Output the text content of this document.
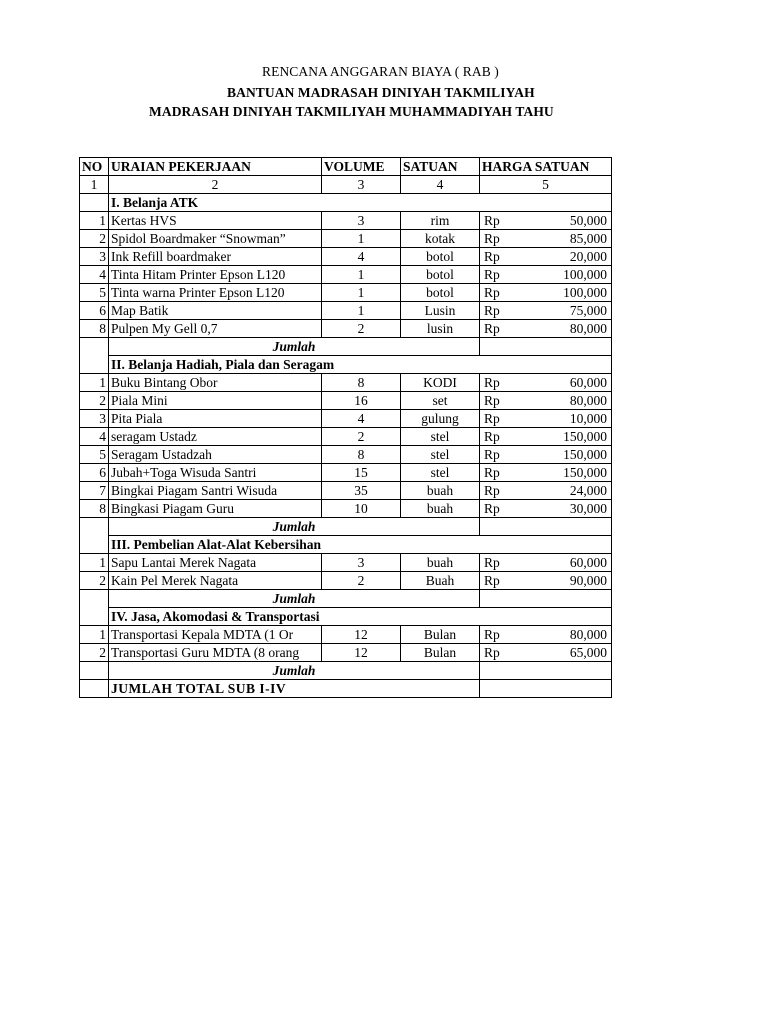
RENCANA ANGGARAN BIAYA ( RAB )
BANTUAN MADRASAH DINIYAH TAKMILIYAH
MADRASAH DINIYAH TAKMILIYAH MUHAMMADIYAH TAHU
NO	URAIAN PEKERJAAN	VOLUME	SATUAN	HARGA SATUAN	
1	2	3	4	5	
	I. Belanja ATK				
1	Kertas HVS	3	rim	Rp	50,000
2	Spidol Boardmaker “Snowman”	1	kotak	Rp	85,000
3	Ink Refill boardmaker	4	botol	Rp	20,000
4	Tinta Hitam Printer Epson L120	1	botol	Rp	100,000
5	Tinta warna Printer Epson L120	1	botol	Rp	100,000
6	Map Batik	1	Lusin	Rp	75,000
8	Pulpen My Gell 0,7	2	lusin	Rp	80,000
	Jumlah				
	II. Belanja Hadiah, Piala dan Seragam				
1	Buku Bintang Obor	8	KODI	Rp	60,000
2	Piala Mini	16	set	Rp	80,000
3	Pita Piala	4	gulung	Rp	10,000
4	seragam Ustadz	2	stel	Rp	150,000
5	Seragam Ustadzah	8	stel	Rp	150,000
6	Jubah+Toga Wisuda Santri	15	stel	Rp	150,000
7	Bingkai Piagam Santri Wisuda	35	buah	Rp	24,000
8	Bingkasi Piagam Guru	10	buah	Rp	30,000
	Jumlah				
	III. Pembelian Alat-Alat Kebersihan				
1	Sapu Lantai Merek Nagata	3	buah	Rp	60,000
2	Kain Pel Merek Nagata	2	Buah	Rp	90,000
	Jumlah				
	IV. Jasa, Akomodasi & Transportasi				
1	Transportasi Kepala MDTA (1 Or	12	Bulan	Rp	80,000
2	Transportasi Guru MDTA (8 orang	12	Bulan	Rp	65,000
	Jumlah				
	JUMLAH TOTAL SUB I-IV				
